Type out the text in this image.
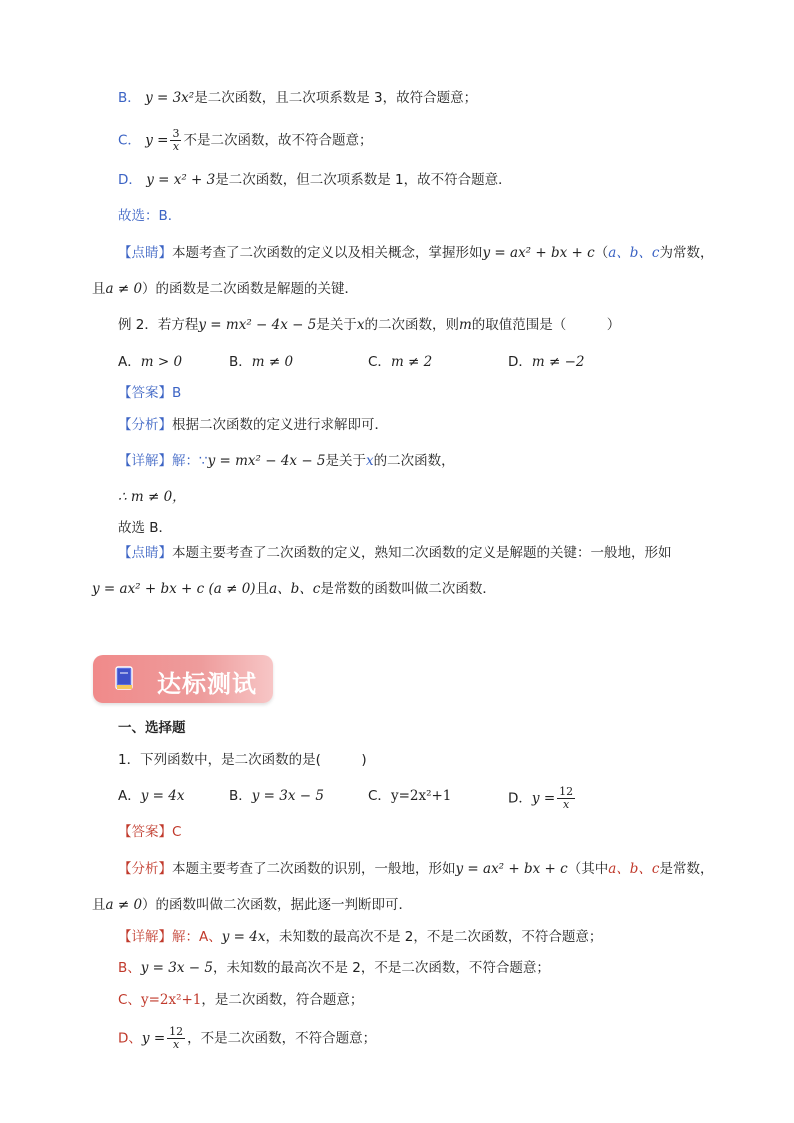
B． y = 3x²是二次函数，且二次项系数是 3，故符合题意；
C． $y = \frac{3}{x}$ 不是二次函数，故不符合题意；
D． y = x² + 3是二次函数，但二次项系数是 1，故不符合题意．
故选：B．
【点睛】本题考查了二次函数的定义以及相关概念，掌握形如y = ax² + bx + c（a、b、c为常数，
且a ≠ 0）的函数是二次函数是解题的关键．
例 2．若方程y = mx² − 4x − 5是关于x的二次函数，则m的取值范围是（　　　）
A．m > 0	B．m ≠ 0	C．m ≠ 2	D．m ≠ −2
【答案】B
【分析】根据二次函数的定义进行求解即可．
【详解】解：∵y = mx² − 4x − 5是关于x的二次函数，
∴ m ≠ 0，
故选 B．
【点睛】本题主要考查了二次函数的定义，熟知二次函数的定义是解题的关键：一般地，形如
y = ax² + bx + c (a ≠ 0)且a、b、c是常数的函数叫做二次函数．
达标测试
一、选择题
1．下列函数中，是二次函数的是(　　　)
A．y = 4x	B．y = 3x − 5	C．y=2x²+1	D．$y = \frac{12}{x}$
【答案】C
【分析】本题主要考查了二次函数的识别，一般地，形如y = ax² + bx + c（其中a、b、c是常数，
且a ≠ 0）的函数叫做二次函数，据此逐一判断即可．
【详解】解：A、y = 4x，未知数的最高次不是 2，不是二次函数，不符合题意；
B、y = 3x − 5，未知数的最高次不是 2，不是二次函数，不符合题意；
C、y=2x²+1，是二次函数，符合题意；
D、$y = \frac{12}{x}$ ，不是二次函数，不符合题意；
